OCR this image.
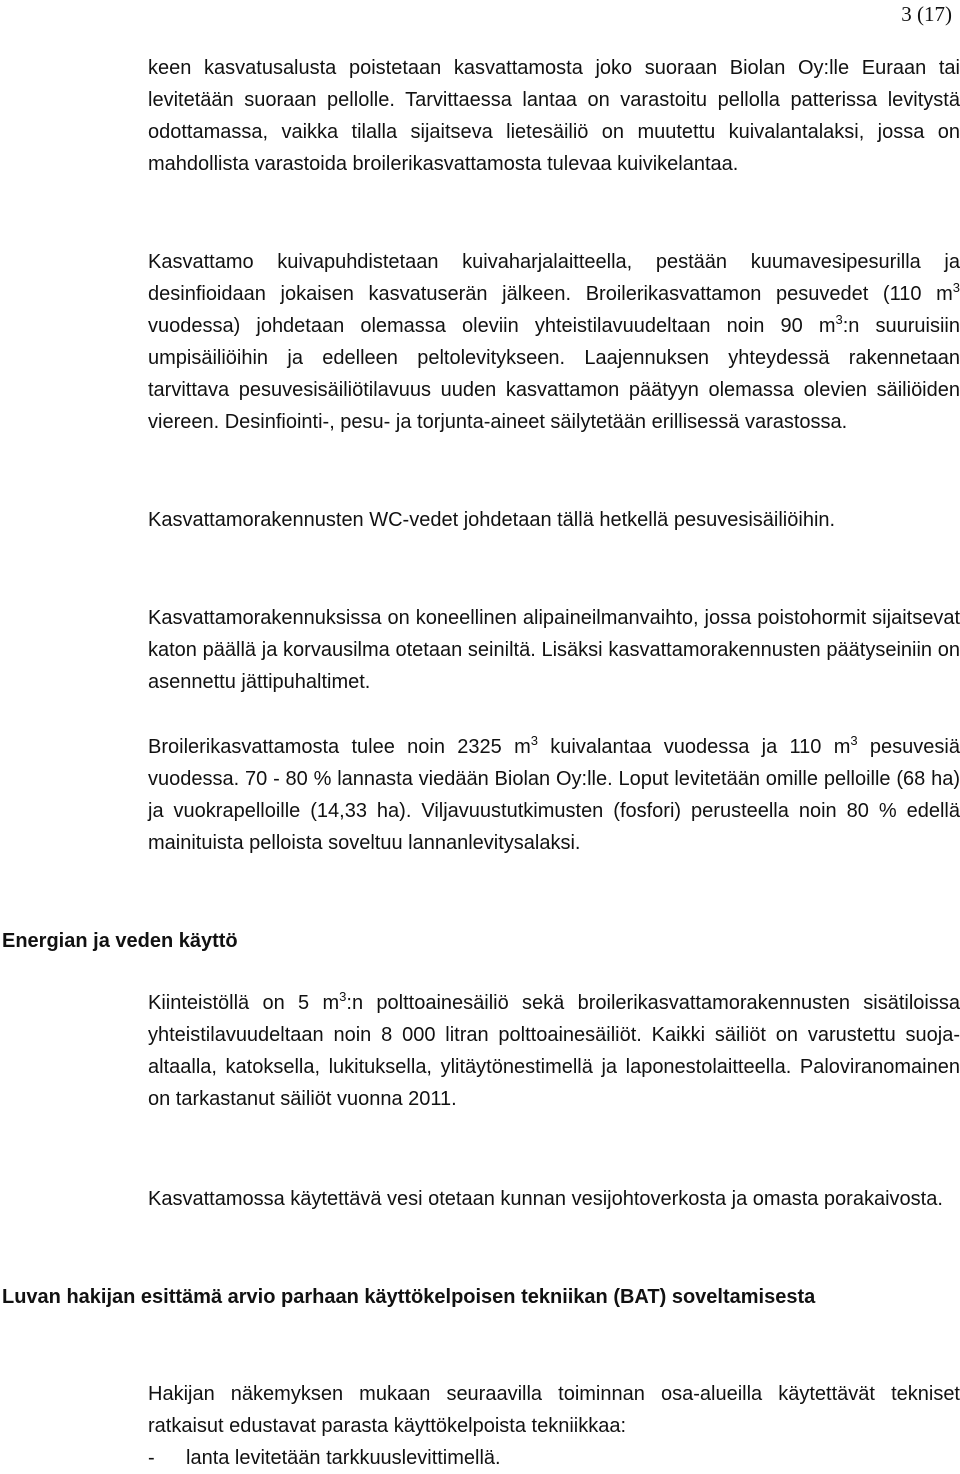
3 (17)

keen kasvatusalusta poistetaan kasvattamosta joko suoraan Biolan Oy:lle Euraan tai levitetään suoraan pellolle. Tarvittaessa lantaa on varastoitu pellolla patterissa levitystä odottamassa, vaikka tilalla sijaitseva lietesäiliö on muutettu kuivalantalaksi, jossa on mahdollista varastoida broilerikasvattamosta tulevaa kuivikelantaa.

Kasvattamo kuivapuhdistetaan kuivaharjalaitteella, pestään kuumavesipesurilla ja desinfioidaan jokaisen kasvatuserän jälkeen. Broilerikasvattamon pesuvedet (110 $m^3$ vuodessa) johdetaan olemassa oleviin yhteistilavuudeltaan noin 90 $m^3:n$ suuruisiin umpisäiliöihin ja edelleen peltolevitykseen. Laajennuksen yhteydessä rakennetaan tarvittava pesuvesisäiliötilavuus uuden kasvattamon päätyyn olemassa olevien säiliöiden viereen. Desinfiointi-, pesu- ja torjunta-aineet säilytetään erillisessä varastossa.

Kasvattamorakennusten WC-vedet johdetaan tällä hetkellä pesuvesisäiliöihin.

Kasvattamorakennuksissa on koneellinen alipaineilmanvaihto, jossa poistohormit sijaitsevat katon päällä ja korvausilma otetaan seiniltä. Lisäksi kasvattamorakennusten päätyseiniin on asennettu jättipuhaltimet.

Broilerikasvattamosta tulee noin 2325 $m^3$ kuivalantaa vuodessa ja 110 $m^3$ pesuvesiä vuodessa. 70 - 80 % lannasta viedään Biolan Oy:lle. Loput levitetään omille pelloille (68 ha) ja vuokrapelloille (14,33 ha). Viljavuustutkimusten (fosfori) perusteella noin 80 % edellä mainituista pelloista soveltuu lannanlevitysalaksi.

Energian ja veden käyttö

Kiinteistöllä on 5 $m^3:n$ polttoainesäiliö sekä broilerikasvattamorakennusten sisätiloissa yhteistilavuudeltaan noin 8 000 litran polttoainesäiliöt. Kaikki säiliöt on varustettu suoja-altaalla, katoksella, lukituksella, ylitäytönestimellä ja laponestolaitteella. Paloviranomainen on tarkastanut säiliöt vuonna 2011.

Kasvattamossa käytettävä vesi otetaan kunnan vesijohtoverkosta ja omasta porakaivosta.

Luvan hakijan esittämä arvio parhaan käyttökelpoisen tekniikan (BAT) soveltamisesta

Hakijan näkemyksen mukaan seuraavilla toiminnan osa-alueilla käytettävät tekniset ratkaisut edustavat parasta käyttökelpoista tekniikkaa:

-	lanta levitetään tarkkuuslevittimellä.
